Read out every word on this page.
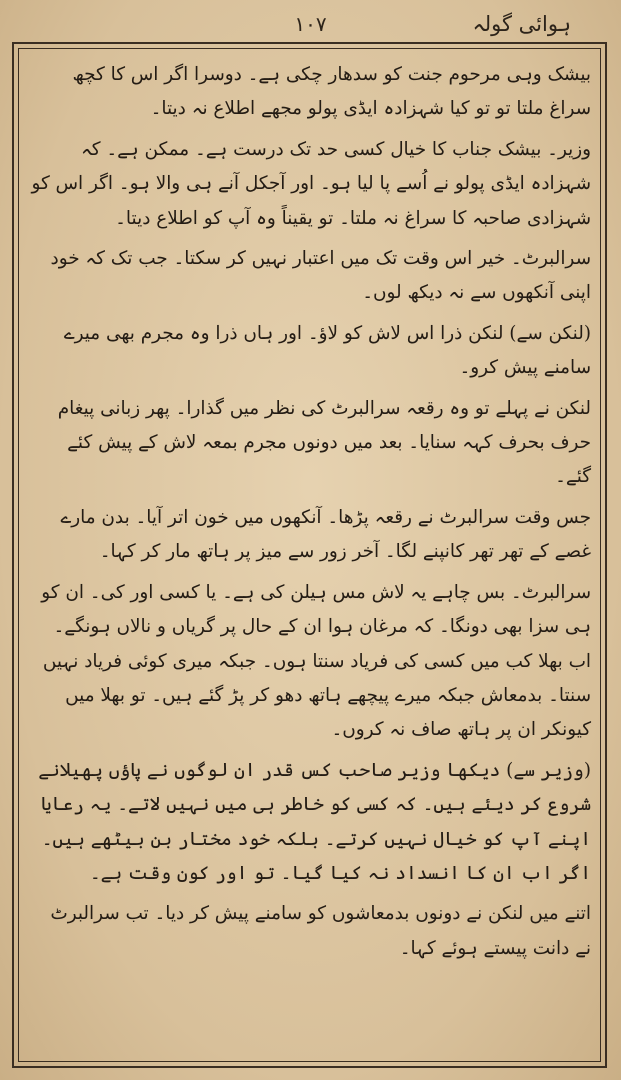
ہوائی گولہ
۱۰۷

بیشک وہی مرحوم جنت کو سدھار چکی ہے۔ دوسرا اگر اس کا کچھ سراغ ملتا تو تو کیا شہزادہ ایڈی پولو مجھے اطلاع نہ دیتا۔

وزیر۔ بیشک جناب کا خیال کسی حد تک درست ہے۔ ممکن ہے۔ کہ شہزادہ ایڈی پولو نے اُسے پا لیا ہو۔ اور آجکل آنے ہی والا ہو۔ اگر اس کو شہزادی صاحبہ کا سراغ نہ ملتا۔ تو یقیناً وہ آپ کو اطلاع دیتا۔

سرالبرٹ۔ خیر اس وقت تک میں اعتبار نہیں کر سکتا۔ جب تک کہ خود اپنی آنکھوں سے نہ دیکھ لوں۔

(لنکن سے) لنکن ذرا اس لاش کو لاؤ۔ اور ہاں ذرا وہ مجرم بھی میرے سامنے پیش کرو۔

لنکن نے پہلے تو وہ رقعہ سرالبرٹ کی نظر میں گذارا۔ پھر زبانی پیغام حرف بحرف کہہ سنایا۔ بعد میں دونوں مجرم بمعہ لاش کے پیش کئے گئے۔

جس وقت سرالبرٹ نے رقعہ پڑھا۔ آنکھوں میں خون اتر آیا۔ بدن مارے غصے کے تھر تھر کانپنے لگا۔ آخر زور سے میز پر ہاتھ مار کر کہا۔

سرالبرٹ۔ بس چاہے یہ لاش مس ہیلن کی ہے۔ یا کسی اور کی۔ ان کو ہی سزا بھی دونگا۔ کہ مرغان ہوا ان کے حال پر گریاں و نالاں ہونگے۔ اب بھلا کب میں کسی کی فریاد سنتا ہوں۔ جبکہ میری کوئی فریاد نہیں سنتا۔ بدمعاش جبکہ میرے پیچھے ہاتھ دھو کر پڑ گئے ہیں۔ تو بھلا میں کیونکر ان پر ہاتھ صاف نہ کروں۔

(وزیر سے) دیکھا وزیر صاحب کس قدر ان لوگوں نے پاؤں پھیلانے شروع کر دیئے ہیں۔ کہ کسی کو خاطر ہی میں نہیں لاتے۔ یہ رعایا اپنے آپ کو خیال نہیں کرتے۔ بلکہ خود مختار بن بیٹھے ہیں۔ اگر اب ان کا انسداد نہ کیا گیا۔ تو اور کون وقت ہے۔

اتنے میں لنکن نے دونوں بدمعاشوں کو سامنے پیش کر دیا۔ تب سرالبرٹ نے دانت پیستے ہوئے کہا۔
